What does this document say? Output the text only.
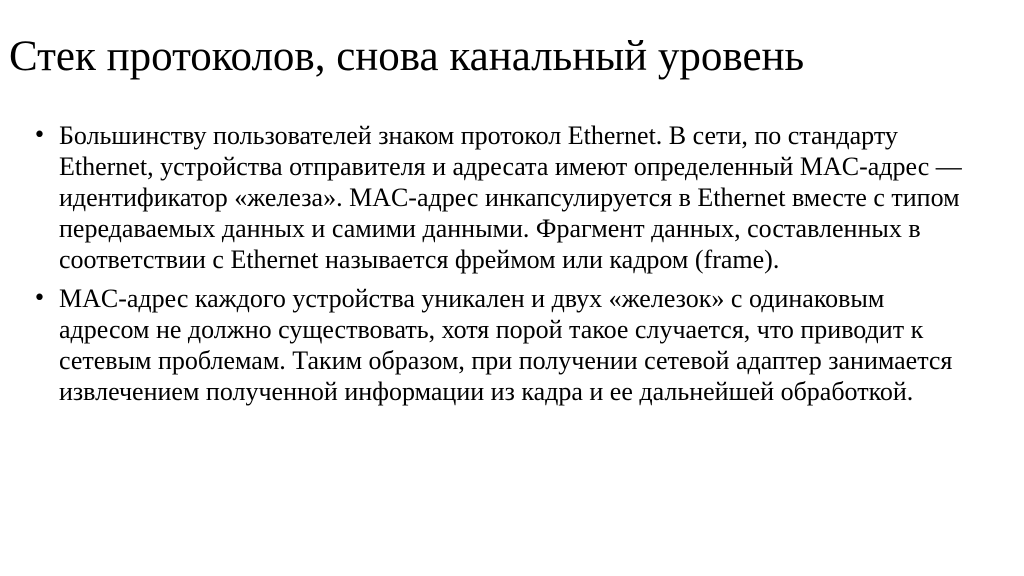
Стек протоколов, снова канальный уровень
• Большинству пользователей знаком протокол Ethernet. В сети, по стандарту Ethernet, устройства отправителя и адресата имеют определенный MAC-адрес — идентификатор «железа». MAC-адрес инкапсулируется в Ethernet вместе с типом передаваемых данных и самими данными. Фрагмент данных, составленных в соответствии с Ethernet называется фреймом или кадром (frame).
• MAC-адрес каждого устройства уникален и двух «железок» с одинаковым адресом не должно существовать, хотя порой такое случается, что приводит к сетевым проблемам. Таким образом, при получении сетевой адаптер занимается извлечением полученной информации из кадра и ее дальнейшей обработкой.
